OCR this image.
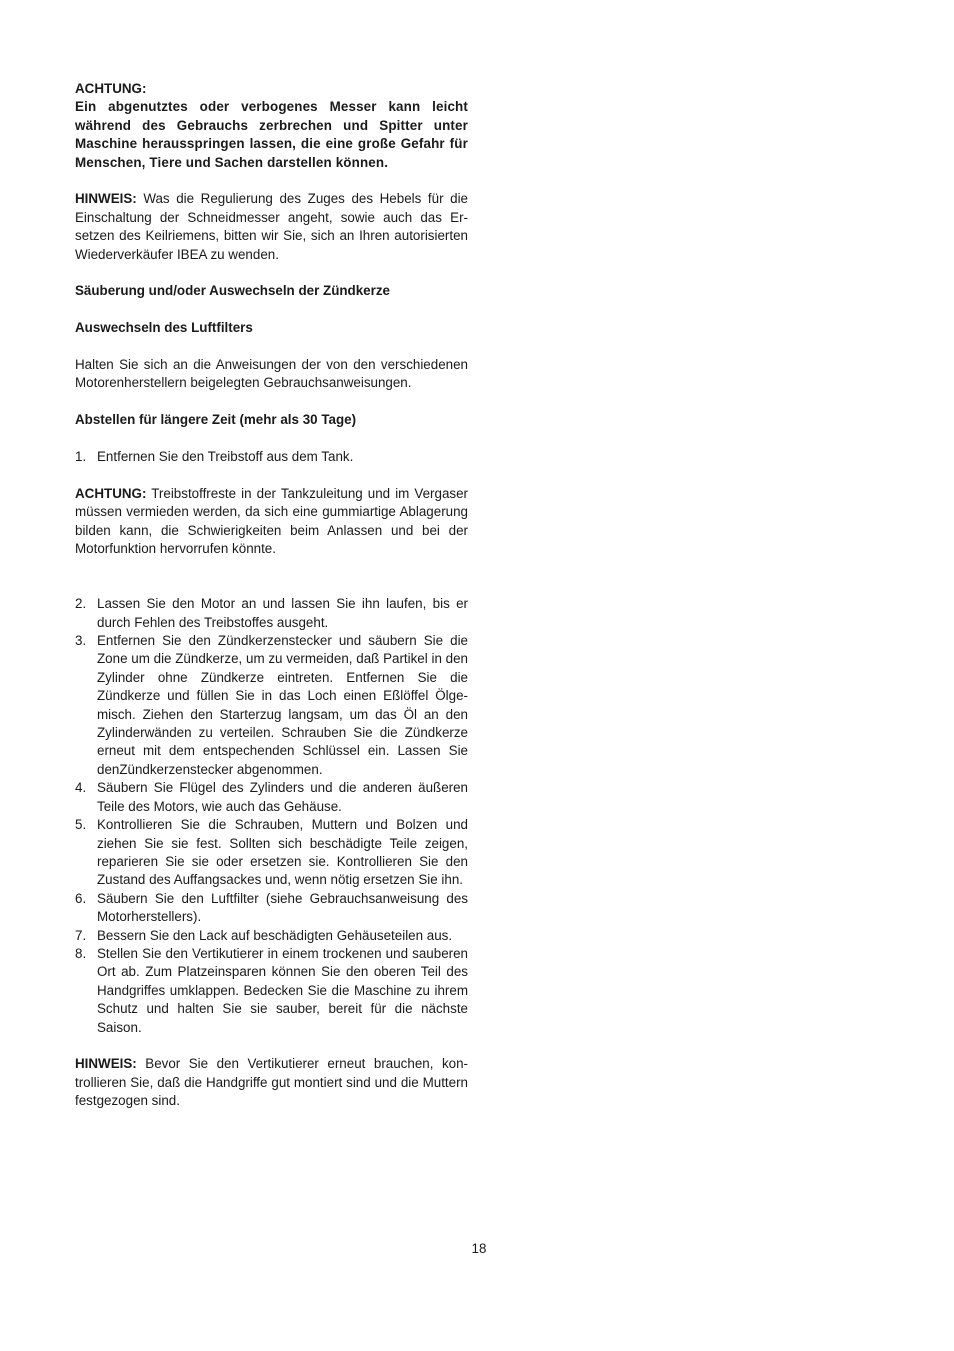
ACHTUNG:
Ein abgenutztes oder verbogenes Messer kann leicht während des Gebrauchs zerbrechen und Spitter unter Maschine herausspringen lassen, die eine große Gefahr für Menschen, Tiere und Sachen darstellen können.

HINWEIS: Was die Regulierung des Zuges des Hebels für die Einschaltung der Schneidmesser angeht, sowie auch das Ersetzen des Keilriemens, bitten wir Sie, sich an Ihren autorisierten Wiederverkäufer IBEA zu wenden.

Säuberung und/oder Auswechseln der Zündkerze

Auswechseln des Luftfilters

Halten Sie sich an die Anweisungen der von den verschiedenen Motorenherstellern beigelegten Gebrauchsanweisungen.

Abstellen für längere Zeit (mehr als 30 Tage)

1. Entfernen Sie den Treibstoff aus dem Tank.

ACHTUNG: Treibstoffreste in der Tankzuleitung und im Vergaser müssen vermieden werden, da sich eine gummiartige Ablagerung bilden kann, die Schwierigkeiten beim Anlassen und bei der Motorfunktion hervorrufen könnte.

2. Lassen Sie den Motor an und lassen Sie ihn laufen, bis er durch Fehlen des Treibstoffes ausgeht.
3. Entfernen Sie den Zündkerzenstecker und säubern Sie die Zone um die Zündkerze, um zu vermeiden, daß Partikel in den Zylinder ohne Zündkerze eintreten. Entfernen Sie die Zündkerze und füllen Sie in das Loch einen Eßlöffel Ölgemisch. Ziehen den Starterzug langsam, um das Öl an den Zylinderwänden zu verteilen. Schrauben Sie die Zündkerze erneut mit dem entspechenden Schlüssel ein. Lassen Sie denZündkerzenstecker abgenommen.
4. Säubern Sie Flügel des Zylinders und die anderen äußeren Teile des Motors, wie auch das Gehäuse.
5. Kontrollieren Sie die Schrauben, Muttern und Bolzen und ziehen Sie sie fest. Sollten sich beschädigte Teile zeigen, reparieren Sie sie oder ersetzen sie. Kontrollieren Sie den Zustand des Auffangsackes und, wenn nötig ersetzen Sie ihn.
6. Säubern Sie den Luftfilter (siehe Gebrauchsanweisung des Motorherstellers).
7. Bessern Sie den Lack auf beschädigten Gehäuseteilen aus.
8. Stellen Sie den Vertikutierer in einem trockenen und sauberen Ort ab. Zum Platzeinsparen können Sie den oberen Teil des Handgriffes umklappen. Bedecken Sie die Maschine zu ihrem Schutz und halten Sie sie sauber, bereit für die nächste Saison.

HINWEIS: Bevor Sie den Vertikutierer erneut brauchen, kontrollieren Sie, daß die Handgriffe gut montiert sind und die Muttern festgezogen sind.

18
